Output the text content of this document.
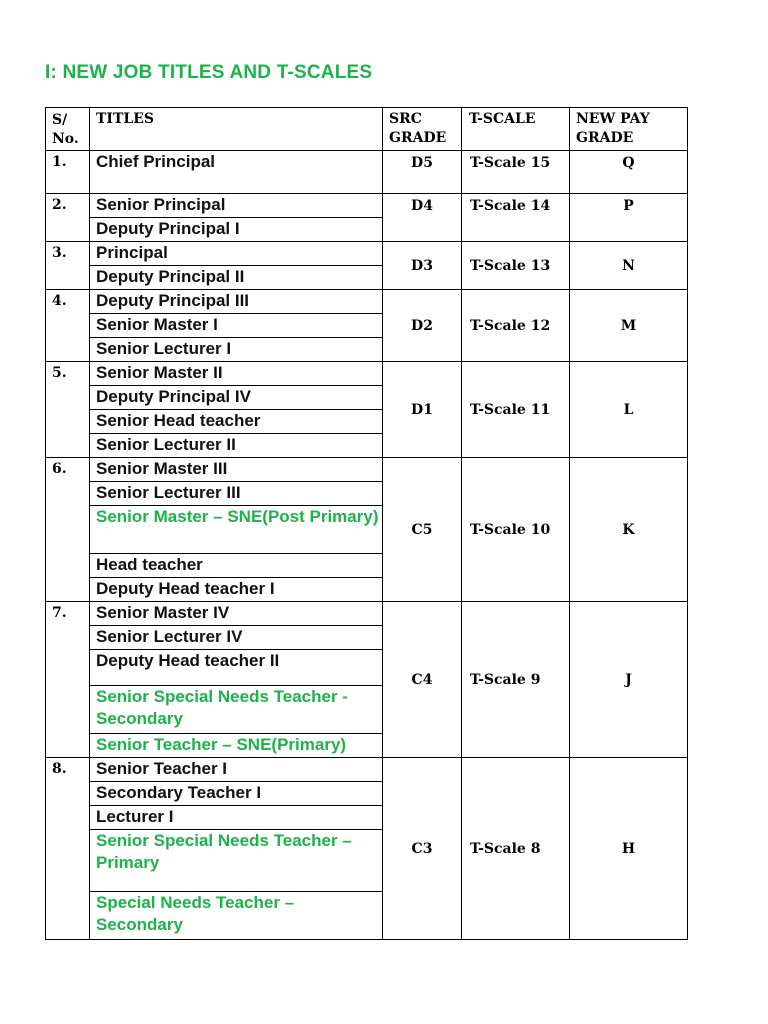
I: NEW JOB TITLES AND T-SCALES
S/ No.	TITLES	SRC GRADE	T-SCALE	NEW PAY GRADE
1.	Chief Principal	D5	T-Scale 15	Q
2.	Senior Principal	D4	T-Scale 14	P
	Deputy Principal I			
3.	Principal	D3	T-Scale 13	N
	Deputy Principal II			
4.	Deputy Principal III	D2	T-Scale 12	M
	Senior Master I			
	Senior Lecturer I			
5.	Senior Master II	D1	T-Scale 11	L
	Deputy Principal IV			
	Senior Head teacher			
	Senior Lecturer II			
6.	Senior Master III	C5	T-Scale 10	K
	Senior Lecturer III			
	Senior Master – SNE(Post Primary)			
	Head teacher			
	Deputy Head teacher I			
7.	Senior Master IV	C4	T-Scale 9	J
	Senior Lecturer IV			
	Deputy Head teacher II			
	Senior Special Needs Teacher -Secondary			
	Senior Teacher – SNE(Primary)			
8.	Senior Teacher I	C3	T-Scale 8	H
	Secondary Teacher I			
	Lecturer I			
	Senior Special Needs Teacher –Primary			
	Special Needs Teacher – Secondary			
